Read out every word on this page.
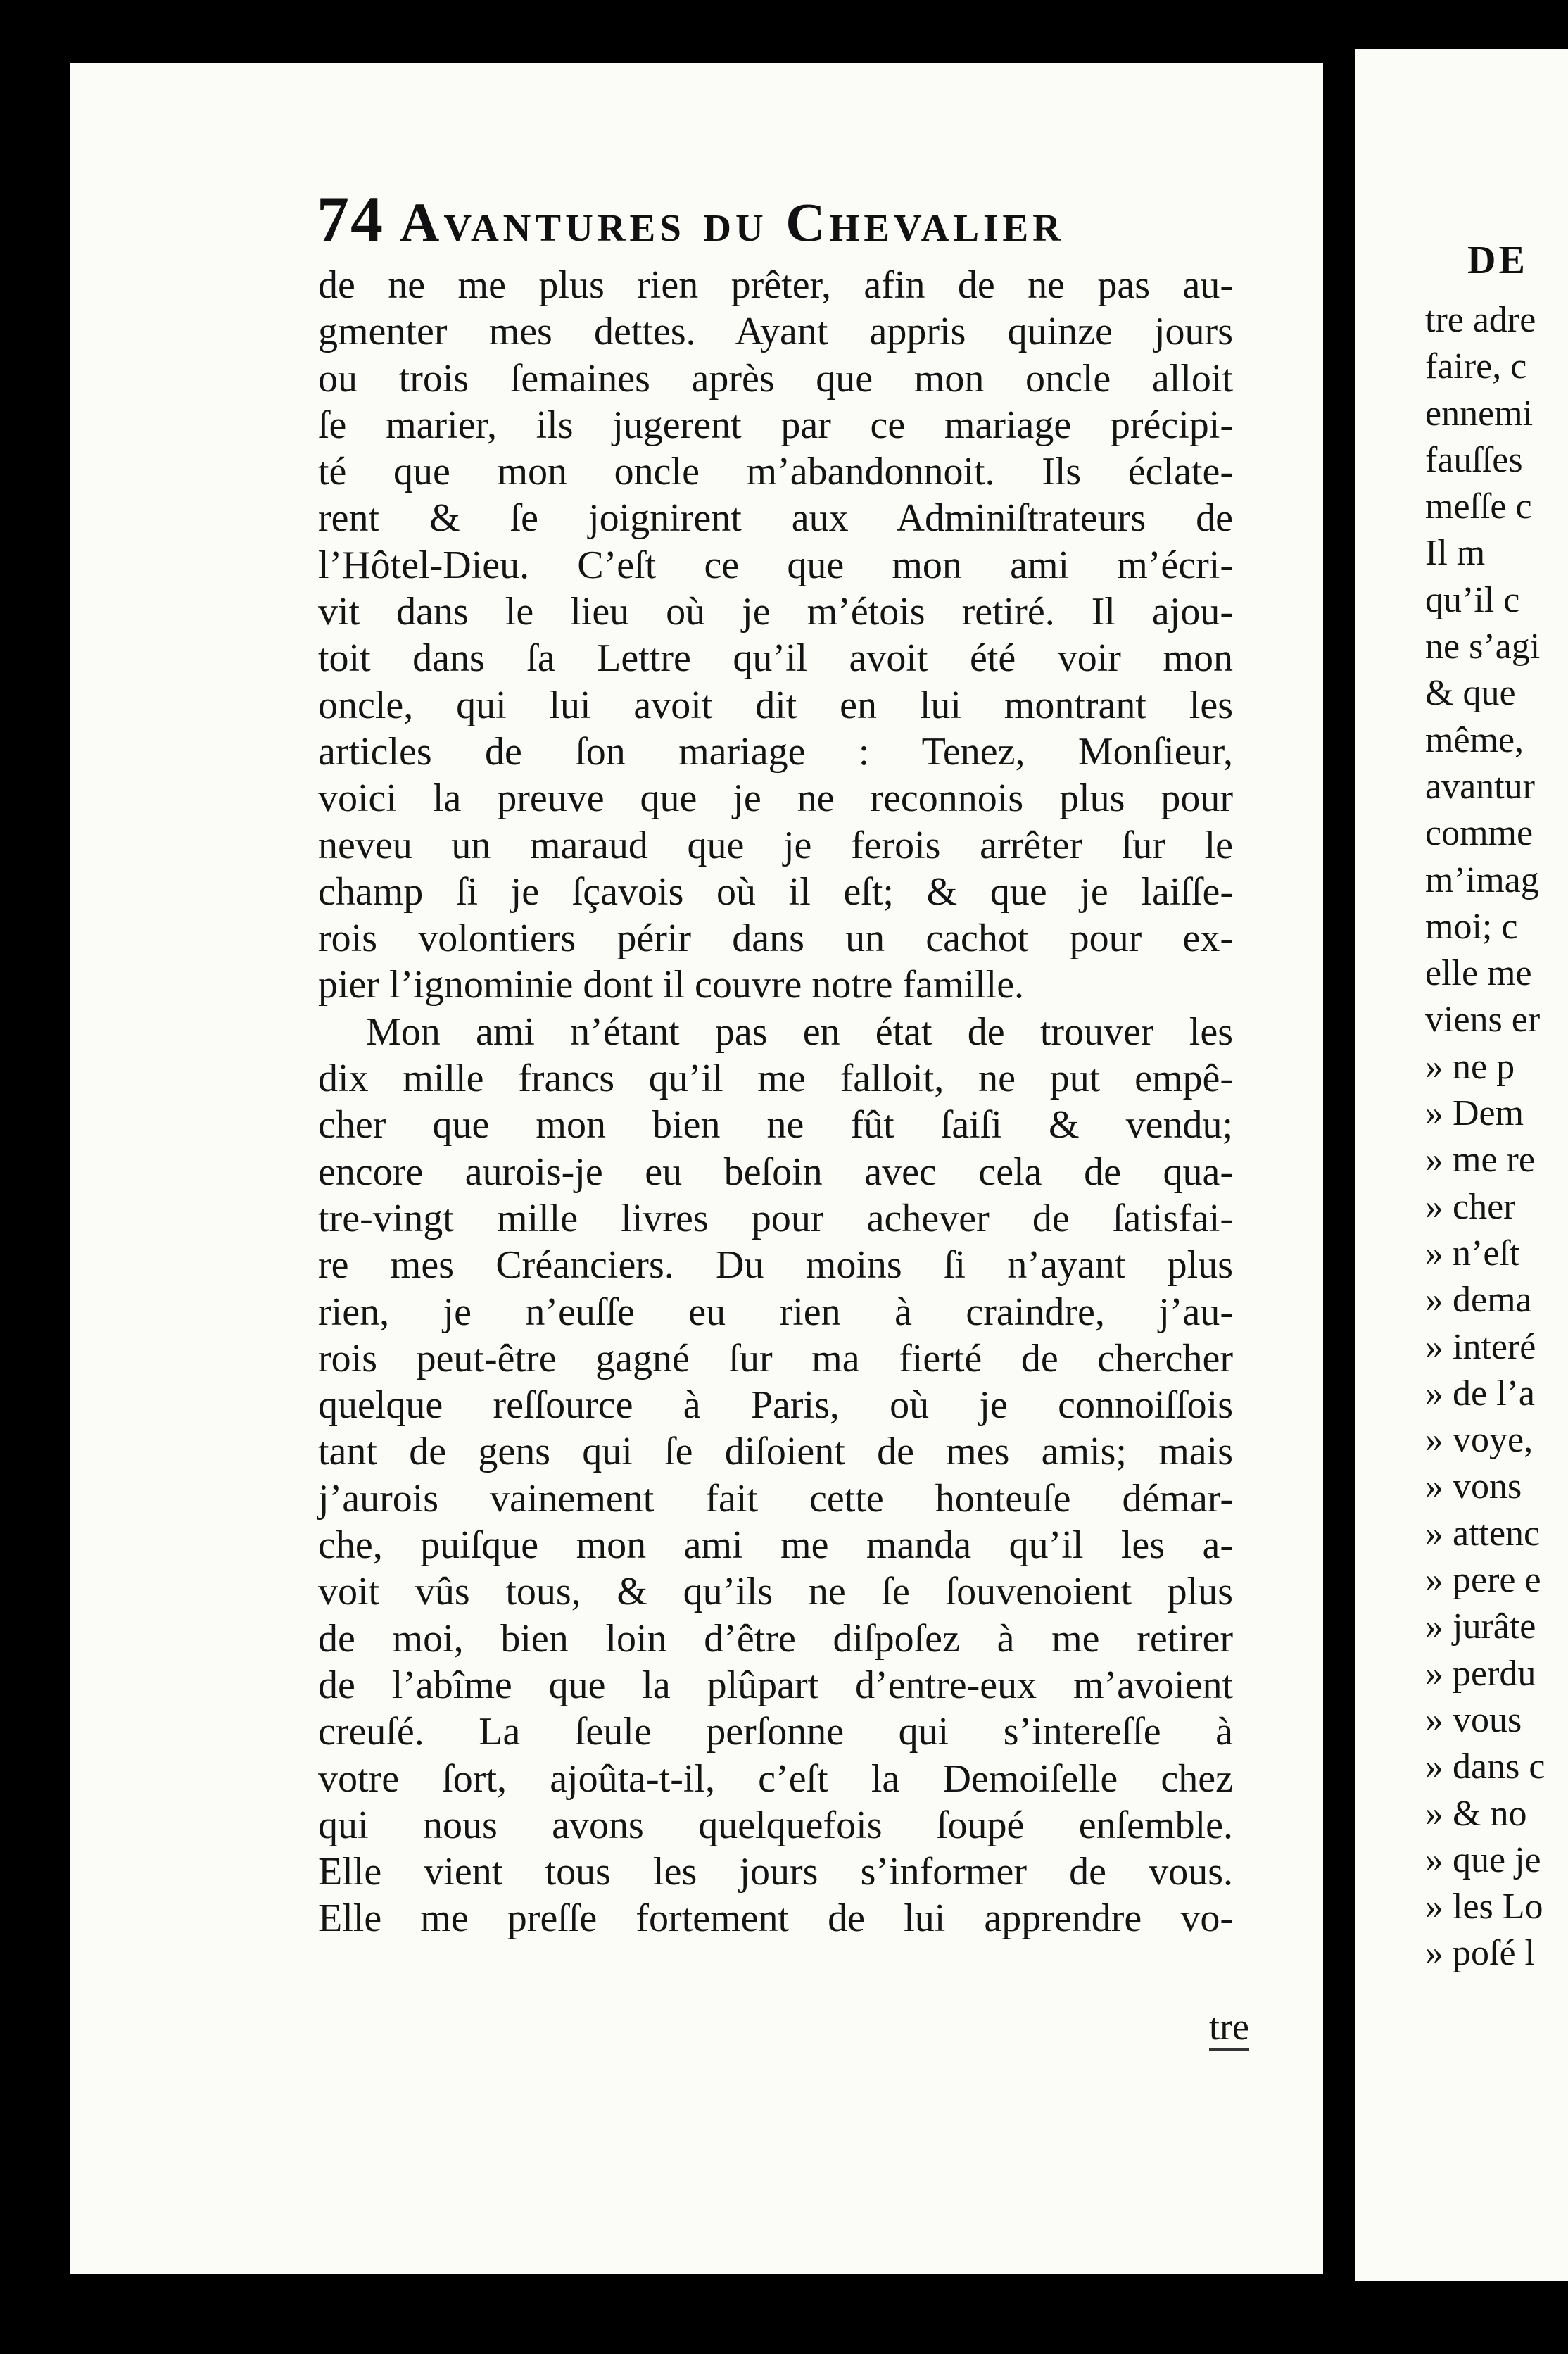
DE
tre adre
faire, c
ennemi
fauſſes
meſſe c
Il m
qu’il c
ne s’agi
& que
même,
avantur
comme
m’imag
moi; c
elle me
viens er
» ne p
» Dem
» me re
» cher
» n’eſt
» dema
» interé
» de l’a
» voye,
» vons
» attenc
» pere e
» jurâte
» perdu
» vous
» dans c
» & no
» que je
» les Lo
» poſé l
74 Avantures du Chevalier
de ne me plus rien prêter, afin de ne pas au-
gmenter mes dettes. Ayant appris quinze jours
ou trois ſemaines après que mon oncle alloit
ſe marier, ils jugerent par ce mariage précipi-
té que mon oncle m’abandonnoit. Ils éclate-
rent & ſe joignirent aux Adminiſtrateurs de
l’Hôtel-Dieu. C’eſt ce que mon ami m’écri-
vit dans le lieu où je m’étois retiré. Il ajou-
toit dans ſa Lettre qu’il avoit été voir mon
oncle, qui lui avoit dit en lui montrant les
articles de ſon mariage : Tenez, Monſieur,
voici la preuve que je ne reconnois plus pour
neveu un maraud que je ferois arrêter ſur le
champ ſi je ſçavois où il eſt; & que je laiſſe-
rois volontiers périr dans un cachot pour ex-
pier l’ignominie dont il couvre notre famille.
Mon ami n’étant pas en état de trouver les
dix mille francs qu’il me falloit, ne put empê-
cher que mon bien ne fût ſaiſi & vendu;
encore aurois-je eu beſoin avec cela de qua-
tre-vingt mille livres pour achever de ſatisfai-
re mes Créanciers. Du moins ſi n’ayant plus
rien, je n’euſſe eu rien à craindre, j’au-
rois peut-être gagné ſur ma fierté de chercher
quelque reſſource à Paris, où je connoiſſois
tant de gens qui ſe diſoient de mes amis; mais
j’aurois vainement fait cette honteuſe démar-
che, puiſque mon ami me manda qu’il les a-
voit vûs tous, & qu’ils ne ſe ſouvenoient plus
de moi, bien loin d’être diſpoſez à me retirer
de l’abîme que la plûpart d’entre-eux m’avoient
creuſé. La ſeule perſonne qui s’intereſſe à
votre ſort, ajoûta-t-il, c’eſt la Demoiſelle chez
qui nous avons quelquefois ſoupé enſemble.
Elle vient tous les jours s’informer de vous.
Elle me preſſe fortement de lui apprendre vo-
tre
